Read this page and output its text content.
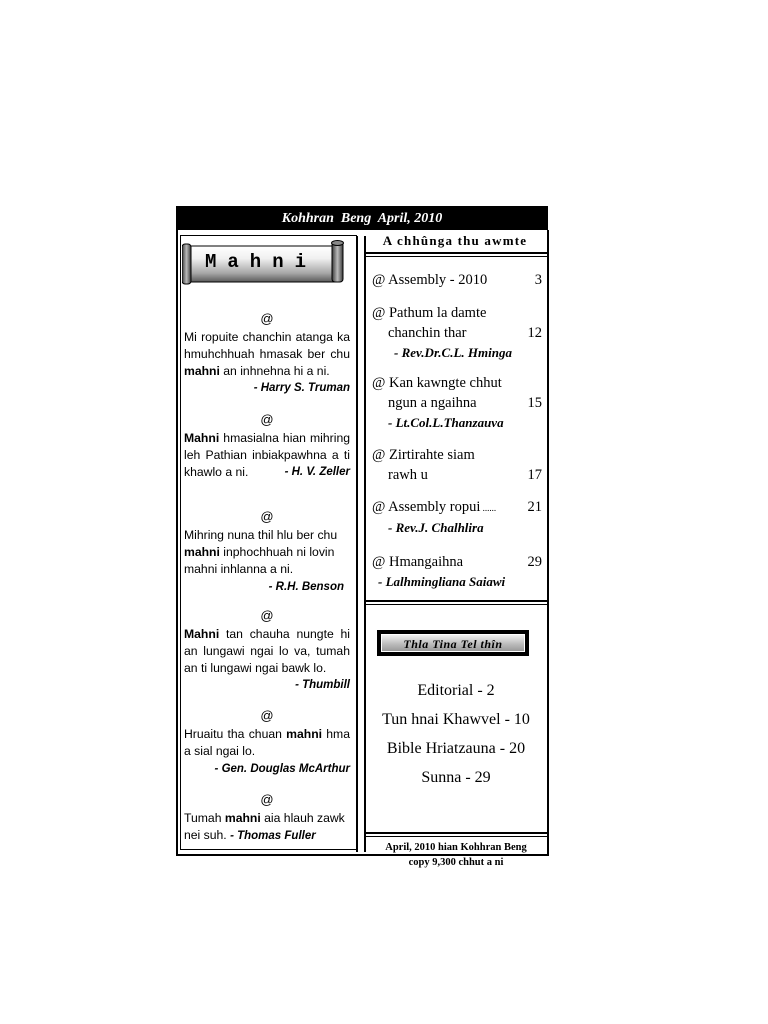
Kohhran  Beng  April, 2010
Mahni
@
Mi ropuite chanchin atanga ka hmuhchhuah hmasak ber chu mahni an inhnehna hi a ni.
- Harry S. Truman
@
Mahni hmasialna hian mihring leh Pathian inbiakpawhna a ti khawlo a ni.	- H. V. Zeller
@
Mihring nuna thil hlu ber chu mahni inphochhuah ni lovin mahni inhlanna a ni.
- R.H. Benson
@
Mahni tan chauha nungte hi an lungawi ngai lo va, tumah an ti lungawi ngai bawk lo.
- Thumbill
@
Hruaitu tha chuan mahni hma a sial ngai lo.
- Gen. Douglas McArthur
@
Tumah mahni aia hlauh zawk nei suh. - Thomas Fuller
A chhûnga thu awmte
@ Assembly - 2010	3
@ Pathum la damte
chanchin thar	12
- Rev.Dr.C.L. Hminga
@ Kan kawngte chhut
ngun a ngaihna	15
- Lt.Col.L.Thanzauva
@ Zirtirahte siam
rawh u	17
@ Assembly ropui ...... 21
- Rev.J. Chalhlira
@ Hmangaihna	29
- Lalhmingliana Saiawi
Thla Tina Tel thîn
Editorial - 2
Tun hnai Khawvel - 10
Bible Hriatzauna - 20
Sunna - 29
April, 2010 hian Kohhran Beng
copy 9,300 chhut a ni
